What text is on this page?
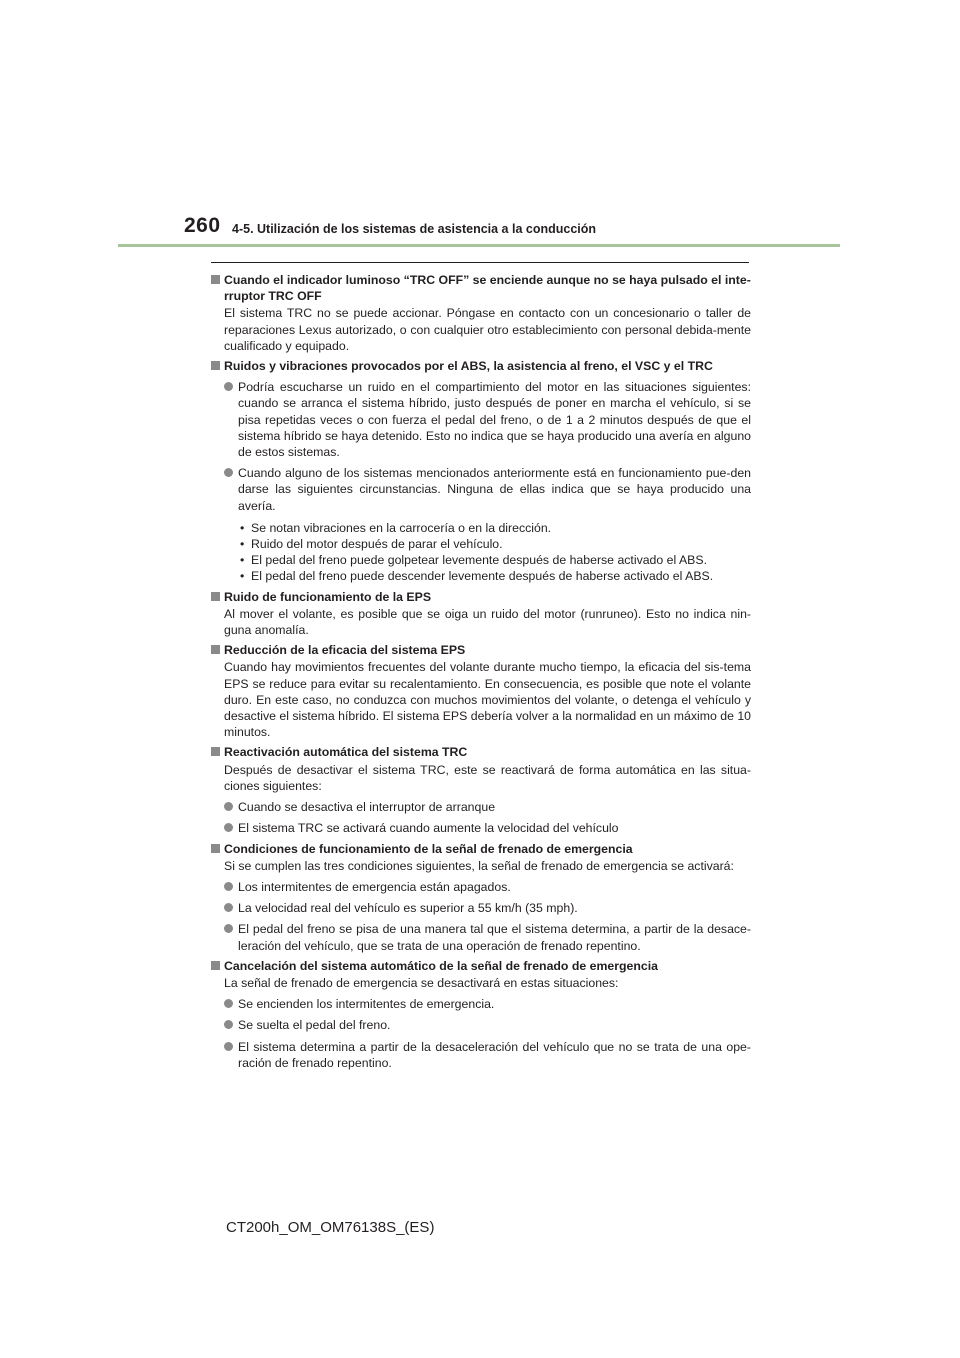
260 4-5. Utilización de los sistemas de asistencia a la conducción
Cuando el indicador luminoso “TRC OFF” se enciende aunque no se haya pulsado el inte-rruptor TRC OFF
El sistema TRC no se puede accionar. Póngase en contacto con un concesionario o taller de reparaciones Lexus autorizado, o con cualquier otro establecimiento con personal debida-mente cualificado y equipado.
Ruidos y vibraciones provocados por el ABS, la asistencia al freno, el VSC y el TRC
Podría escucharse un ruido en el compartimiento del motor en las situaciones siguientes: cuando se arranca el sistema híbrido, justo después de poner en marcha el vehículo, si se pisa repetidas veces o con fuerza el pedal del freno, o de 1 a 2 minutos después de que el sistema híbrido se haya detenido. Esto no indica que se haya producido una avería en alguno de estos sistemas.
Cuando alguno de los sistemas mencionados anteriormente está en funcionamiento pue-den darse las siguientes circunstancias. Ninguna de ellas indica que se haya producido una avería.
• Se notan vibraciones en la carrocería o en la dirección.
• Ruido del motor después de parar el vehículo.
• El pedal del freno puede golpetear levemente después de haberse activado el ABS.
• El pedal del freno puede descender levemente después de haberse activado el ABS.
Ruido de funcionamiento de la EPS
Al mover el volante, es posible que se oiga un ruido del motor (runruneo). Esto no indica nin-guna anomalía.
Reducción de la eficacia del sistema EPS
Cuando hay movimientos frecuentes del volante durante mucho tiempo, la eficacia del sis-tema EPS se reduce para evitar su recalentamiento. En consecuencia, es posible que note el volante duro. En este caso, no conduzca con muchos movimientos del volante, o detenga el vehículo y desactive el sistema híbrido. El sistema EPS debería volver a la normalidad en un máximo de 10 minutos.
Reactivación automática del sistema TRC
Después de desactivar el sistema TRC, este se reactivará de forma automática en las situa-ciones siguientes:
Cuando se desactiva el interruptor de arranque
El sistema TRC se activará cuando aumente la velocidad del vehículo
Condiciones de funcionamiento de la señal de frenado de emergencia
Si se cumplen las tres condiciones siguientes, la señal de frenado de emergencia se activará:
Los intermitentes de emergencia están apagados.
La velocidad real del vehículo es superior a 55 km/h (35 mph).
El pedal del freno se pisa de una manera tal que el sistema determina, a partir de la desace-leración del vehículo, que se trata de una operación de frenado repentino.
Cancelación del sistema automático de la señal de frenado de emergencia
La señal de frenado de emergencia se desactivará en estas situaciones:
Se encienden los intermitentes de emergencia.
Se suelta el pedal del freno.
El sistema determina a partir de la desaceleración del vehículo que no se trata de una ope-ración de frenado repentino.
CT200h_OM_OM76138S_(ES)
